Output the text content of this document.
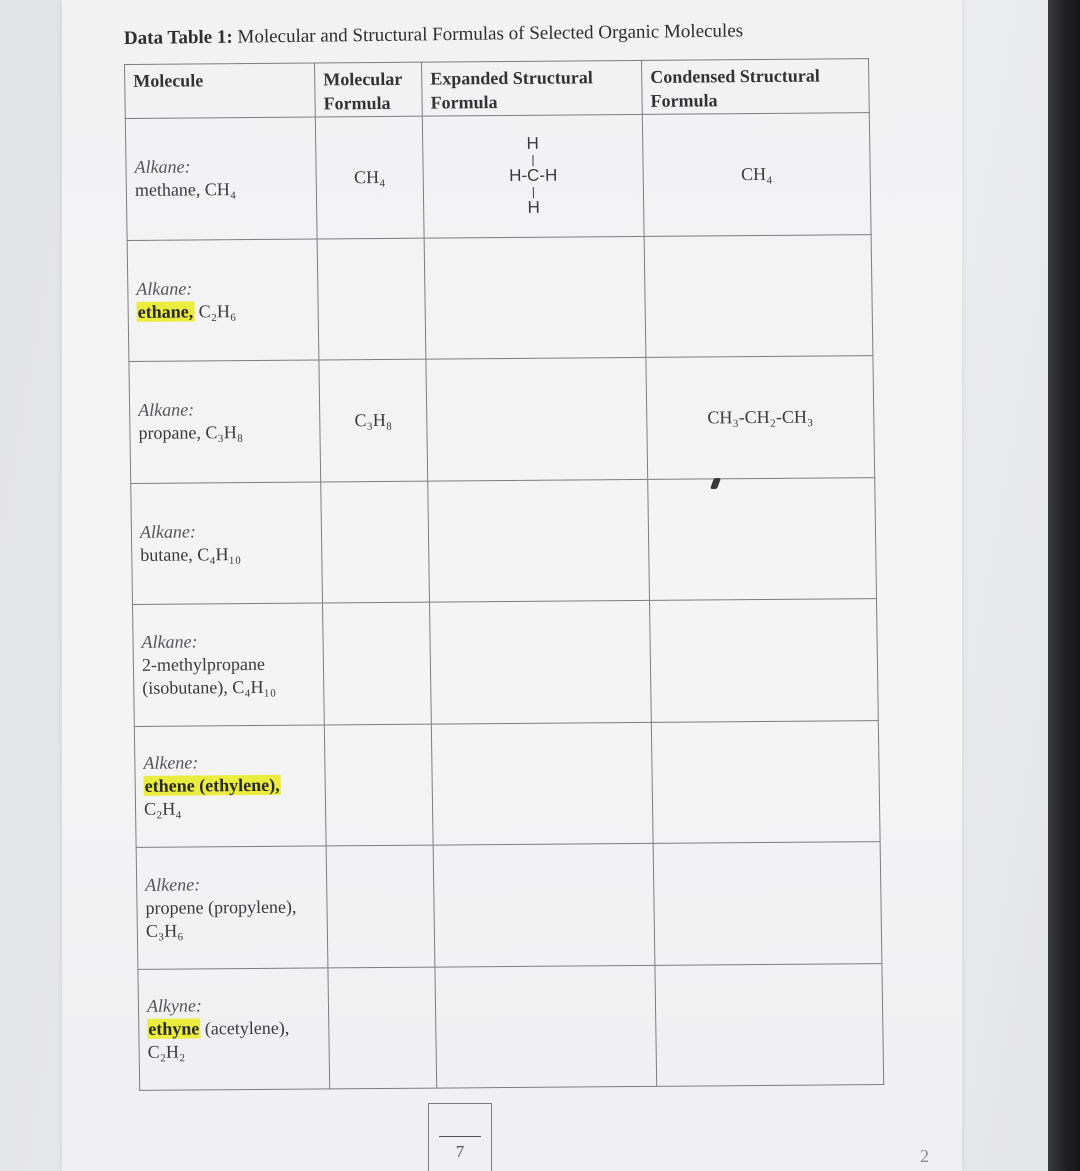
Data Table 1: Molecular and Structural Formulas of Selected Organic Molecules
Molecule	Molecular Formula	Expanded Structural Formula	Condensed Structural Formula

Alkane:
methane, CH₄	CH₄	H
|
H-C-H
|
H	CH₄

Alkane:
ethane, C₂H₆			

Alkane:
propane, C₃H₈	C₃H₈		CH₃-CH₂-CH₃

Alkane:
butane, C₄H₁₀			

Alkane:
2-methylpropane (isobutane), C₄H₁₀			

Alkene:
ethene (ethylene), C₂H₄			

Alkene:
propene (propylene), C₃H₆			

Alkyne:
ethyne (acetylene), C₂H₂			
7	2
